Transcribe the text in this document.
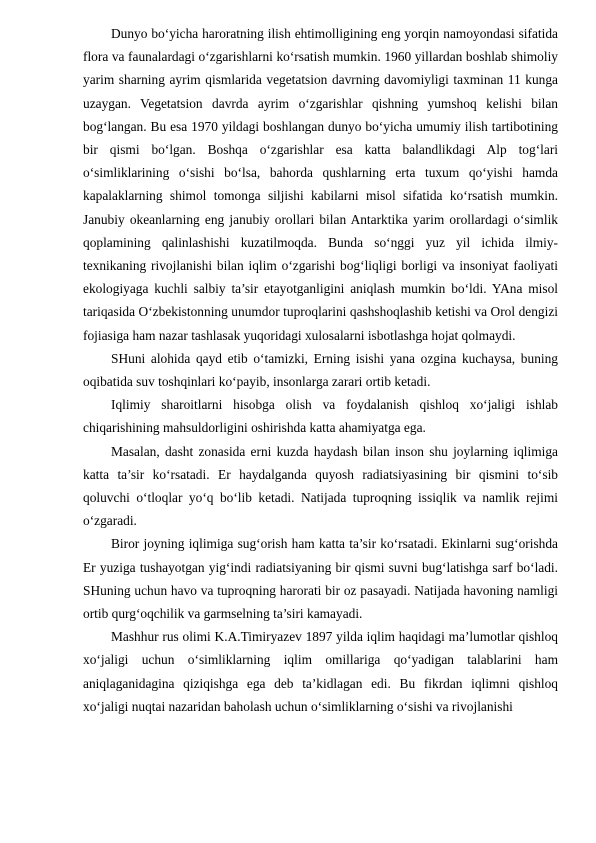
Dunyo bo‘yicha haroratning ilish ehtimolligining eng yorqin namoyondasi sifatida flora va faunalardagi o‘zgarishlarni ko‘rsatish mumkin. 1960 yillardan boshlab shimoliy yarim sharning ayrim qismlarida vegetatsion davrning davomiyligi taxminan 11 kunga uzaygan. Vegetatsion davrda ayrim o‘zgarishlar qishning yumshoq kelishi bilan bog‘langan. Bu esa 1970 yildagi boshlangan dunyo bo‘yicha umumiy ilish tartibotining bir qismi bo‘lgan. Boshqa o‘zgarishlar esa katta balandlikdagi Alp tog‘lari o‘simliklarining o‘sishi bo‘lsa, bahorda qushlarning erta tuxum qo‘yishi hamda kapalaklarning shimol tomonga siljishi kabilarni misol sifatida ko‘rsatish mumkin. Janubiy okeanlarning eng janubiy orollari bilan Antarktika yarim orollardagi o‘simlik qoplamining qalinlashishi kuzatilmoqda. Bunda so‘nggi yuz yil ichida ilmiy-texnikaning rivojlanishi bilan iqlim o‘zgarishi bog‘liqligi borligi va insoniyat faoliyati ekologiyaga kuchli salbiy ta’sir etayotganligini aniqlash mumkin bo‘ldi. YAna misol tariqasida O‘zbekistonning unumdor tuproqlarini qashshoqlashib ketishi va Orol dengizi fojiasiga ham nazar tashlasak yuqoridagi xulosalarni isbotlashga hojat qolmaydi.

SHuni alohida qayd etib o‘tamizki, Erning isishi yana ozgina kuchaysa, buning oqibatida suv toshqinlari ko‘payib, insonlarga zarari ortib ketadi.

Iqlimiy sharoitlarni hisobga olish va foydalanish qishloq xo‘jaligi ishlab chiqarishining mahsuldorligini oshirishda katta ahamiyatga ega.

Masalan, dasht zonasida erni kuzda haydash bilan inson shu joylarning iqlimiga katta ta’sir ko‘rsatadi. Er haydalganda quyosh radiatsiyasining bir qismini to‘sib qoluvchi o‘tloqlar yo‘q bo‘lib ketadi. Natijada tuproqning issiqlik va namlik rejimi o‘zgaradi.

Biror joyning iqlimiga sug‘orish ham katta ta’sir ko‘rsatadi. Ekinlarni sug‘orishda Er yuziga tushayotgan yig‘indi radiatsiyaning bir qismi suvni bug‘latishga sarf bo‘ladi. SHuning uchun havo va tuproqning harorati bir oz pasayadi. Natijada havoning namligi ortib qurg‘oqchilik va garmselning ta’siri kamayadi.

Mashhur rus olimi K.A.Timiryazev 1897 yilda iqlim haqidagi ma’lumotlar qishloq xo‘jaligi uchun o‘simliklarning iqlim omillariga qo‘yadigan talablarini ham aniqlaganidagina qiziqishga ega deb ta’kidlagan edi. Bu fikrdan iqlimni qishloq xo‘jaligi nuqtai nazaridan baholash uchun o‘simliklarning o‘sishi va rivojlanishi
